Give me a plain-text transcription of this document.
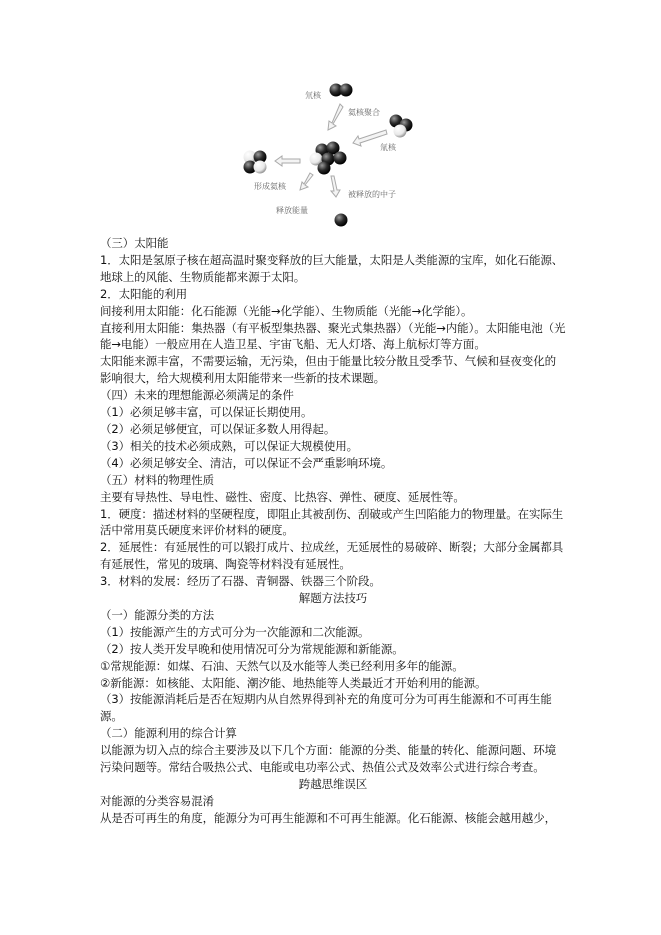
氘核
氦核聚合
氚核
形成氦核
释放能量
被释放的中子

（三）太阳能

1．太阳是氢原子核在超高温时聚变释放的巨大能量，太阳是人类能源的宝库，如化石能源、地球上的风能、生物质能都来源于太阳。

2．太阳能的利用

间接利用太阳能：化石能源（光能→化学能）、生物质能（光能→化学能）。

直接利用太阳能：集热器（有平板型集热器、聚光式集热器）（光能→内能）。太阳能电池（光能→电能）一般应用在人造卫星、宇宙飞船、无人灯塔、海上航标灯等方面。

太阳能来源丰富，不需要运输，无污染，但由于能量比较分散且受季节、气候和昼夜变化的影响很大，给大规模利用太阳能带来一些新的技术课题。

（四）未来的理想能源必须满足的条件

（1）必须足够丰富，可以保证长期使用。

（2）必须足够便宜，可以保证多数人用得起。

（3）相关的技术必须成熟，可以保证大规模使用。

（4）必须足够安全、清洁，可以保证不会严重影响环境。

（五）材料的物理性质

主要有导热性、导电性、磁性、密度、比热容、弹性、硬度、延展性等。

1．硬度：描述材料的坚硬程度，即阻止其被刮伤、刮破或产生凹陷能力的物理量。在实际生活中常用莫氏硬度来评价材料的硬度。

2．延展性：有延展性的可以锻打成片、拉成丝，无延展性的易破碎、断裂；大部分金属都具有延展性，常见的玻璃、陶瓷等材料没有延展性。

3．材料的发展：经历了石器、青铜器、铁器三个阶段。

解题方法技巧

（一）能源分类的方法

（1）按能源产生的方式可分为一次能源和二次能源。

（2）按人类开发早晚和使用情况可分为常规能源和新能源。

①常规能源：如煤、石油、天然气以及水能等人类已经利用多年的能源。

②新能源：如核能、太阳能、潮汐能、地热能等人类最近才开始利用的能源。

（3）按能源消耗后是否在短期内从自然界得到补充的角度可分为可再生能源和不可再生能源。

（二）能源利用的综合计算

以能源为切入点的综合主要涉及以下几个方面：能源的分类、能量的转化、能源问题、环境污染问题等。常结合吸热公式、电能或电功率公式、热值公式及效率公式进行综合考查。

跨越思维误区

对能源的分类容易混淆

从是否可再生的角度，能源分为可再生能源和不可再生能源。化石能源、核能会越用越少，
